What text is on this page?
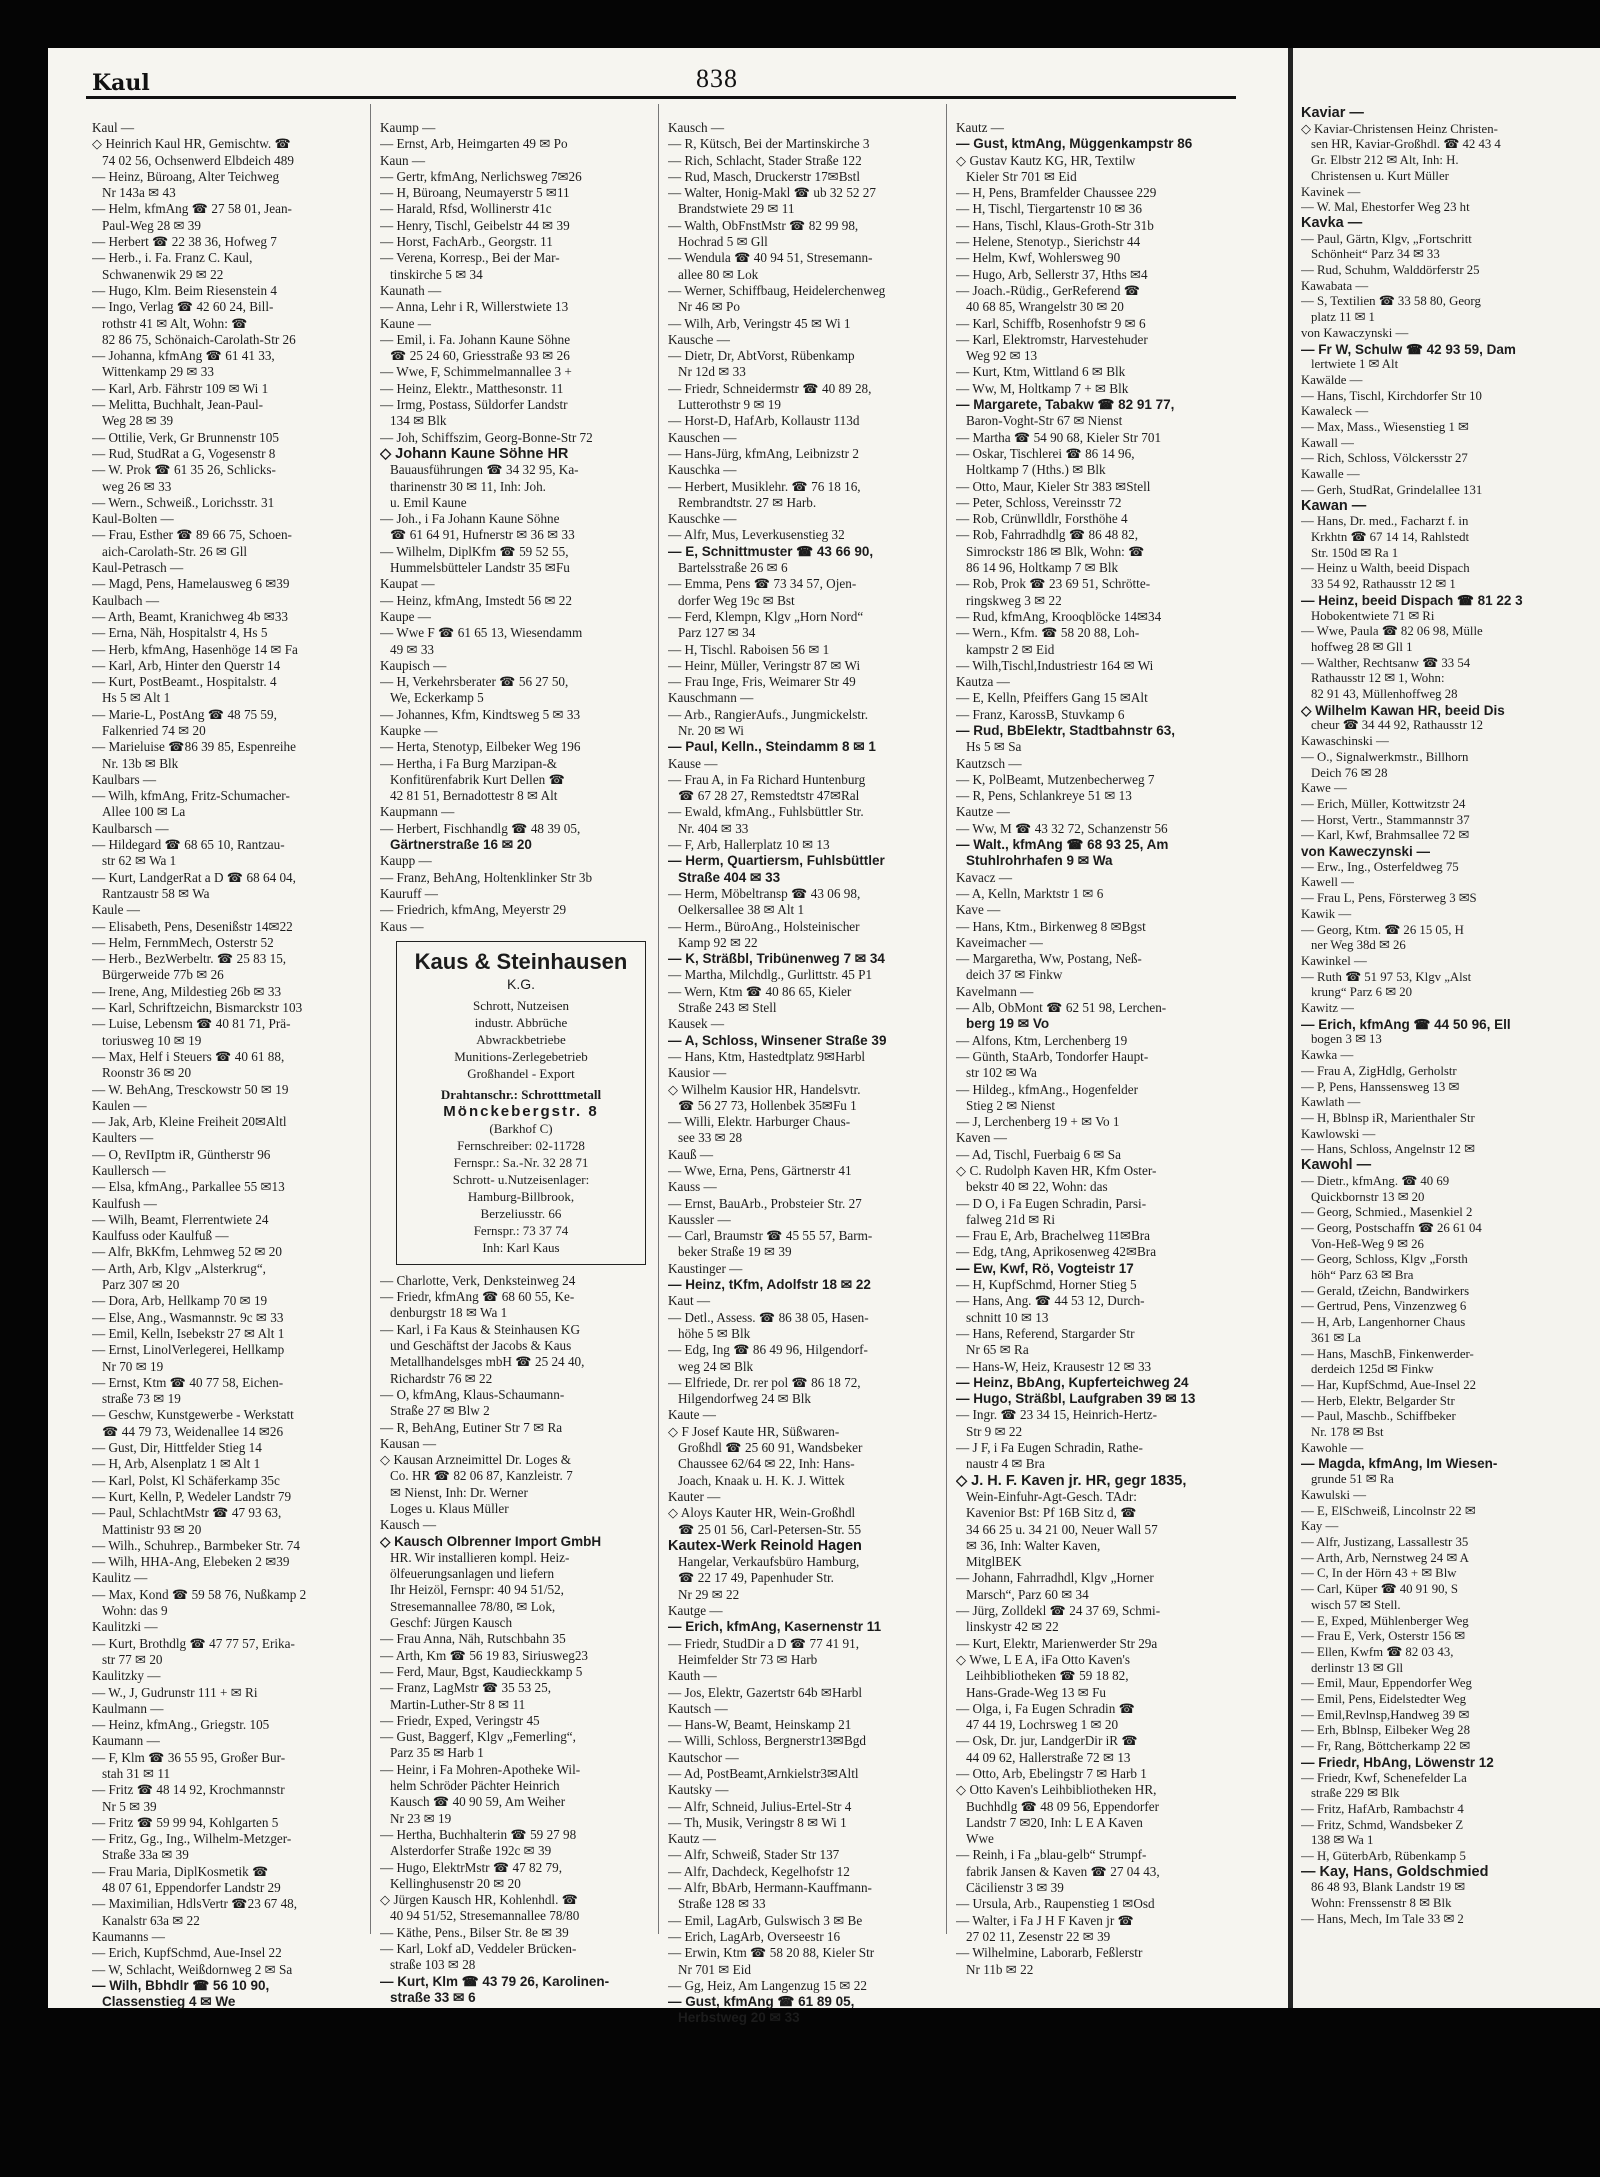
Kaviar —
◇ Kaviar-Christensen Heinz Christen-
sen HR, Kaviar-Großhdl. ☎ 42 43 4
Gr. Elbstr 212 ✉ Alt, Inh: H.
Christensen u. Kurt Müller
Kavinek —
— W. Mal, Ehestorfer Weg 23 ht
Kavka —
— Paul, Gärtn, Klgv, „Fortschritt
Schönheit“ Parz 34 ✉ 33
— Rud, Schuhm, Walddörferstr 25
Kawabata —
— S, Textilien ☎ 33 58 80, Georg
platz 11 ✉ 1
von Kawaczynski —
— Fr W, Schulw ☎ 42 93 59, Dam
lertwiete 1 ✉ Alt
Kawälde —
— Hans, Tischl, Kirchdorfer Str 10
Kawaleck —
— Max, Mass., Wiesenstieg 1 ✉
Kawall —
— Rich, Schloss, Völckersstr 27
Kawalle —
— Gerh, StudRat, Grindelallee 131
Kawan —
— Hans, Dr. med., Facharzt f. in
Krkhtn ☎ 67 14 14, Rahlstedt
Str. 150d ✉ Ra 1
— Heinz u Walth, beeid Dispach
33 54 92, Rathausstr 12 ✉ 1
— Heinz, beeid Dispach ☎ 81 22 3
Hobokentwiete 71 ✉ Ri
— Wwe, Paula ☎ 82 06 98, Mülle
hoffweg 28 ✉ Gll 1
— Walther, Rechtsanw ☎ 33 54
Rathausstr 12 ✉ 1, Wohn:
82 91 43, Müllenhoffweg 28
◇ Wilhelm Kawan HR, beeid Dis
cheur ☎ 34 44 92, Rathausstr 12
Kawaschinski —
— O., Signalwerkmstr., Billhorn
Deich 76 ✉ 28
Kawe —
— Erich, Müller, Kottwitzstr 24
— Horst, Vertr., Stammannstr 37
— Karl, Kwf, Brahmsallee 72 ✉
von Kaweczynski —
— Erw., Ing., Osterfeldweg 75
Kawell —
— Frau L, Pens, Försterweg 3 ✉S
Kawik —
— Georg, Ktm. ☎ 26 15 05, H
ner Weg 38d ✉ 26
Kawinkel —
— Ruth ☎ 51 97 53, Klgv „Alst
krung“ Parz 6 ✉ 20
Kawitz —
— Erich, kfmAng ☎ 44 50 96, Ell
bogen 3 ✉ 13
Kawka —
— Frau A, ZigHdlg, Gerholstr
— P, Pens, Hanssensweg 13 ✉
Kawlath —
— H, Bblnsp iR, Marienthaler Str
Kawlowski —
— Hans, Schloss, Angelnstr 12 ✉
Kawohl —
— Dietr., kfmAng. ☎ 40 69
Quickbornstr 13 ✉ 20
— Georg, Schmied., Masenkiel 2
— Georg, Postschaffn ☎ 26 61 04
Von-Heß-Weg 9 ✉ 26
— Georg, Schloss, Klgv „Forsth
höh“ Parz 63 ✉ Bra
— Gerald, tZeichn, Bandwirkers
— Gertrud, Pens, Vinzenzweg 6
— H, Arb, Langenhorner Chaus
361 ✉ La
— Hans, MaschB, Finkenwerder-
derdeich 125d ✉ Finkw
— Har, KupfSchmd, Aue-Insel 22
— Herb, Elektr, Belgarder Str
— Paul, Maschb., Schiffbeker
Nr. 178 ✉ Bst
Kawohle —
— Magda, kfmAng, Im Wiesen-
grunde 51 ✉ Ra
Kawulski —
— E, ElSchweiß, Lincolnstr 22 ✉
Kay —
— Alfr, Justizang, Lassallestr 35
— Arth, Arb, Nernstweg 24 ✉ A
— C, In der Hörn 43 + ✉ Blw
— Carl, Küper ☎ 40 91 90, S
wisch 57 ✉ Stell.
— E, Exped, Mühlenberger Weg
— Frau E, Verk, Osterstr 156 ✉
— Ellen, Kwfm ☎ 82 03 43,
derlinstr 13 ✉ Gll
— Emil, Maur, Eppendorfer Weg
— Emil, Pens, Eidelstedter Weg
— Emil,Revlnsp,Handweg 39 ✉
— Erh, Bblnsp, Eilbeker Weg 28
— Fr, Rang, Böttcherkamp 22 ✉
— Friedr, HbAng, Löwenstr 12
— Friedr, Kwf, Schenefelder La
straße 229 ✉ Blk
— Fritz, HafArb, Rambachstr 4
— Fritz, Schmd, Wandsbeker Z
138 ✉ Wa 1
— H, GüterbArb, Rübenkamp 5
— Kay, Hans, Goldschmied
86 48 93, Blank Landstr 19 ✉
Wohn: Frenssenstr 8 ✉ Blk
— Hans, Mech, Im Tale 33 ✉ 2
Kaul	838
Kaul —
◇ Heinrich Kaul HR, Gemischtw. ☎
74 02 56, Ochsenwerd Elbdeich 489
— Heinz, Büroang, Alter Teichweg
Nr 143a ✉ 43
— Helm, kfmAng ☎ 27 58 01, Jean-
Paul-Weg 28 ✉ 39
— Herbert ☎ 22 38 36, Hofweg 7
— Herb., i. Fa. Franz C. Kaul,
Schwanenwik 29 ✉ 22
— Hugo, Klm. Beim Riesenstein 4
— Ingo, Verlag ☎ 42 60 24, Bill-
rothstr 41 ✉ Alt, Wohn: ☎
82 86 75, Schönaich-Carolath-Str 26
— Johanna, kfmAng ☎ 61 41 33,
Wittenkamp 29 ✉ 33
— Karl, Arb. Fährstr 109 ✉ Wi 1
— Melitta, Buchhalt, Jean-Paul-
Weg 28 ✉ 39
— Ottilie, Verk, Gr Brunnenstr 105
— Rud, StudRat a G, Vogesenstr 8
— W. Prok ☎ 61 35 26, Schlicks-
weg 26 ✉ 33
— Wern., Schweiß., Lorichsstr. 31
Kaul-Bolten —
— Frau, Esther ☎ 89 66 75, Schoen-
aich-Carolath-Str. 26 ✉ Gll
Kaul-Petrasch —
— Magd, Pens, Hamelausweg 6 ✉39
Kaulbach —
— Arth, Beamt, Kranichweg 4b ✉33
— Erna, Näh, Hospitalstr 4, Hs 5
— Herb, kfmAng, Hasenhöge 14 ✉ Fa
— Karl, Arb, Hinter den Querstr 14
— Kurt, PostBeamt., Hospitalstr. 4
Hs 5 ✉ Alt 1
— Marie-L, PostAng ☎ 48 75 59,
Falkenried 74 ✉ 20
— Marieluise ☎86 39 85, Espenreihe
Nr. 13b ✉ Blk
Kaulbars —
— Wilh, kfmAng, Fritz-Schumacher-
Allee 100 ✉ La
Kaulbarsch —
— Hildegard ☎ 68 65 10, Rantzau-
str 62 ✉ Wa 1
— Kurt, LandgerRat a D ☎ 68 64 04,
Rantzaustr 58 ✉ Wa
Kaule —
— Elisabeth, Pens, Desenißstr 14✉22
— Helm, FernmMech, Osterstr 52
— Herb., BezWerbeltr. ☎ 25 83 15,
Bürgerweide 77b ✉ 26
— Irene, Ang, Mildestieg 26b ✉ 33
— Karl, Schriftzeichn, Bismarckstr 103
— Luise, Lebensm ☎ 40 81 71, Prä-
toriusweg 10 ✉ 19
— Max, Helf i Steuers ☎ 40 61 88,
Roonstr 36 ✉ 20
— W. BehAng, Tresckowstr 50 ✉ 19
Kaulen —
— Jak, Arb, Kleine Freiheit 20✉Altl
Kaulters —
— O, RevIIptm iR, Güntherstr 96
Kaullersch —
— Elsa, kfmAng., Parkallee 55 ✉13
Kaulfush —
— Wilh, Beamt, Flerrentwiete 24
Kaulfuss oder Kaulfuß —
— Alfr, BkKfm, Lehmweg 52 ✉ 20
— Arth, Arb, Klgv „Alsterkrug“,
Parz 307 ✉ 20
— Dora, Arb, Hellkamp 70 ✉ 19
— Else, Ang., Wasmannstr. 9c ✉ 33
— Emil, Kelln, Isebekstr 27 ✉ Alt 1
— Ernst, LinolVerlegerei, Hellkamp
Nr 70 ✉ 19
— Ernst, Ktm ☎ 40 77 58, Eichen-
straße 73 ✉ 19
— Geschw, Kunstgewerbe - Werkstatt
☎ 44 79 73, Weidenallee 14 ✉26
— Gust, Dir, Hittfelder Stieg 14
— H, Arb, Alsenplatz 1 ✉ Alt 1
— Karl, Polst, Kl Schäferkamp 35c
— Kurt, Kelln, P, Wedeler Landstr 79
— Paul, SchlachtMstr ☎ 47 93 63,
Mattinistr 93 ✉ 20
— Wilh., Schuhrep., Barmbeker Str. 74
— Wilh, HHA-Ang, Elebeken 2 ✉39
Kaulitz —
— Max, Kond ☎ 59 58 76, Nußkamp 2
Wohn: das 9
Kaulitzki —
— Kurt, Brothdlg ☎ 47 77 57, Erika-
str 77 ✉ 20
Kaulitzky —
— W., J, Gudrunstr 111 + ✉ Ri
Kaulmann —
— Heinz, kfmAng., Griegstr. 105
Kaumann —
— F, Klm ☎ 36 55 95, Großer Bur-
stah 31 ✉ 11
— Fritz ☎ 48 14 92, Krochmannstr
Nr 5 ✉ 39
— Fritz ☎ 59 99 94, Kohlgarten 5
— Fritz, Gg., Ing., Wilhelm-Metzger-
Straße 33a ✉ 39
— Frau Maria, DiplKosmetik ☎
48 07 61, Eppendorfer Landstr 29
— Maximilian, HdlsVertr ☎23 67 48,
Kanalstr 63a ✉ 22
Kaumanns —
— Erich, KupfSchmd, Aue-Insel 22
— W, Schlacht, Weißdornweg 2 ✉ Sa
— Wilh, Bbhdlr ☎ 56 10 90,
Classenstieg 4 ✉ We
Kaump —
— Ernst, Arb, Heimgarten 49 ✉ Po
Kaun —
— Gertr, kfmAng, Nerlichsweg 7✉26
— H, Büroang, Neumayerstr 5 ✉11
— Harald, Rfsd, Wollinerstr 41c
— Henry, Tischl, Geibelstr 44 ✉ 39
— Horst, FachArb., Georgstr. 11
— Verena, Korresp., Bei der Mar-
tinskirche 5 ✉ 34
Kaunath —
— Anna, Lehr i R, Willerstwiete 13
Kaune —
— Emil, i. Fa. Johann Kaune Söhne
☎ 25 24 60, Griesstraße 93 ✉ 26
— Wwe, F, Schimmelmannallee 3 +
— Heinz, Elektr., Matthesonstr. 11
— Irmg, Postass, Süldorfer Landstr
134 ✉ Blk
— Joh, Schiffszim, Georg-Bonne-Str 72
◇ Johann Kaune Söhne HR
Bauausführungen ☎ 34 32 95, Ka-
tharinenstr 30 ✉ 11, Inh: Joh.
u. Emil Kaune
— Joh., i Fa Johann Kaune Söhne
☎ 61 64 91, Hufnerstr ✉ 36 ✉ 33
— Wilhelm, DiplKfm ☎ 59 52 55,
Hummelsbütteler Landstr 35 ✉Fu
Kaupat —
— Heinz, kfmAng, Imstedt 56 ✉ 22
Kaupe —
— Wwe F ☎ 61 65 13, Wiesendamm
49 ✉ 33
Kaupisch —
— H, Verkehrsberater ☎ 56 27 50,
We, Eckerkamp 5
— Johannes, Kfm, Kindtsweg 5 ✉ 33
Kaupke —
— Herta, Stenotyp, Eilbeker Weg 196
— Hertha, i Fa Burg Marzipan-&
Konfitürenfabrik Kurt Dellen ☎
42 81 51, Bernadottestr 8 ✉ Alt
Kaupmann —
— Herbert, Fischhandlg ☎ 48 39 05,
Gärtnerstraße 16 ✉ 20
Kaupp —
— Franz, BehAng, Holtenklinker Str 3b
Kauruff —
— Friedrich, kfmAng, Meyerstr 29
Kaus —
Kaus & Steinhausen
K.G.
Schrott, Nutzeisen
industr. Abbrüche
Abwrackbetriebe
Munitions-Zerlegebetrieb
Großhandel - Export
Drahtanschr.: Schrotttmetall
Mönckebergstr. 8
(Barkhof C)
Fernschreiber: 02-11728
Fernspr.: Sa.-Nr. 32 28 71
Schrott- u.Nutzeisenlager:
Hamburg-Billbrook,
Berzeliusstr. 66
Fernspr.: 73 37 74
Inh: Karl Kaus
— Charlotte, Verk, Denksteinweg 24
— Friedr, kfmAng ☎ 68 60 55, Ke-
denburgstr 18 ✉ Wa 1
— Karl, i Fa Kaus & Steinhausen KG
und Geschäftst der Jacobs & Kaus
Metallhandelsges mbH ☎ 25 24 40,
Richardstr 76 ✉ 22
— O, kfmAng, Klaus-Schaumann-
Straße 27 ✉ Blw 2
— R, BehAng, Eutiner Str 7 ✉ Ra
Kausan —
◇ Kausan Arzneimittel Dr. Loges &
Co. HR ☎ 82 06 87, Kanzleistr. 7
✉ Nienst, Inh: Dr. Werner
Loges u. Klaus Müller
Kausch —
◇ Kausch Olbrenner Import GmbH
HR. Wir installieren kompl. Heiz-
ölfeuerungsanlagen und liefern
Ihr Heizöl, Fernspr: 40 94 51/52,
Stresemannallee 78/80, ✉ Lok,
Geschf: Jürgen Kausch
— Frau Anna, Näh, Rutschbahn 35
— Arth, Km ☎ 56 19 83, Siriusweg23
— Ferd, Maur, Bgst, Kaudieckkamp 5
— Franz, LagMstr ☎ 35 53 25,
Martin-Luther-Str 8 ✉ 11
— Friedr, Exped, Veringstr 45
— Gust, Baggerf, Klgv „Femerling“,
Parz 35 ✉ Harb 1
— Heinr, i Fa Mohren-Apotheke Wil-
helm Schröder Pächter Heinrich
Kausch ☎ 40 90 59, Am Weiher
Nr 23 ✉ 19
— Hertha, Buchhalterin ☎ 59 27 98
Alsterdorfer Straße 192c ✉ 39
— Hugo, ElektrMstr ☎ 47 82 79,
Kellinghusenstr 20 ✉ 20
◇ Jürgen Kausch HR, Kohlenhdl. ☎
40 94 51/52, Stresemannallee 78/80
— Käthe, Pens., Bilser Str. 8e ✉ 39
— Karl, Lokf aD, Veddeler Brücken-
straße 103 ✉ 28
— Kurt, Klm ☎ 43 79 26, Karolinen-
straße 33 ✉ 6
Kausch —
— R, Kütsch, Bei der Martinskirche 3
— Rich, Schlacht, Stader Straße 122
— Rud, Masch, Druckerstr 17✉Bstl
— Walter, Honig-Makl ☎ ub 32 52 27
Brandstwiete 29 ✉ 11
— Walth, ObFnstMstr ☎ 82 99 98,
Hochrad 5 ✉ Gll
— Wendula ☎ 40 94 51, Stresemann-
allee 80 ✉ Lok
— Werner, Schiffbaug, Heidelerchenweg
Nr 46 ✉ Po
— Wilh, Arb, Veringstr 45 ✉ Wi 1
Kausche —
— Dietr, Dr, AbtVorst, Rübenkamp
Nr 12d ✉ 33
— Friedr, Schneidermstr ☎ 40 89 28,
Lutterothstr 9 ✉ 19
— Horst-D, HafArb, Kollaustr 113d
Kauschen —
— Hans-Jürg, kfmAng, Leibnizstr 2
Kauschka —
— Herbert, Musiklehr. ☎ 76 18 16,
Rembrandtstr. 27 ✉ Harb.
Kauschke —
— Alfr, Mus, Leverkusenstieg 32
— E, Schnittmuster ☎ 43 66 90,
Bartelsstraße 26 ✉ 6
— Emma, Pens ☎ 73 34 57, Ojen-
dorfer Weg 19c ✉ Bst
— Ferd, Klempn, Klgv „Horn Nord“
Parz 127 ✉ 34
— H, Tischl. Raboisen 56 ✉ 1
— Heinr, Müller, Veringstr 87 ✉ Wi
— Frau Inge, Fris, Weimarer Str 49
Kauschmann —
— Arb., RangierAufs., Jungmickelstr.
Nr. 20 ✉ Wi
— Paul, Kelln., Steindamm 8 ✉ 1
Kause —
— Frau A, in Fa Richard Huntenburg
☎ 67 28 27, Remstedtstr 47✉Ral
— Ewald, kfmAng., Fuhlsbüttler Str.
Nr. 404 ✉ 33
— F, Arb, Hallerplatz 10 ✉ 13
— Herm, Quartiersm, Fuhlsbüttler
Straße 404 ✉ 33
— Herm, Möbeltransp ☎ 43 06 98,
Oelkersallee 38 ✉ Alt 1
— Herm., BüroAng., Holsteinischer
Kamp 92 ✉ 22
— K, Sträßbl, Tribünenweg 7 ✉ 34
— Martha, Milchdlg., Gurlittstr. 45 P1
— Wern, Ktm ☎ 40 86 65, Kieler
Straße 243 ✉ Stell
Kausek —
— A, Schloss, Winsener Straße 39
— Hans, Ktm, Hastedtplatz 9✉Harbl
Kausior —
◇ Wilhelm Kausior HR, Handelsvtr.
☎ 56 27 73, Hollenbek 35✉Fu 1
— Willi, Elektr. Harburger Chaus-
see 33 ✉ 28
Kauß —
— Wwe, Erna, Pens, Gärtnerstr 41
Kauss —
— Ernst, BauArb., Probsteier Str. 27
Kaussler —
— Carl, Braumstr ☎ 45 55 57, Barm-
beker Straße 19 ✉ 39
Kaustinger —
— Heinz, tKfm, Adolfstr 18 ✉ 22
Kaut —
— Detl., Assess. ☎ 86 38 05, Hasen-
höhe 5 ✉ Blk
— Edg, Ing ☎ 86 49 96, Hilgendorf-
weg 24 ✉ Blk
— Elfriede, Dr. rer pol ☎ 86 18 72,
Hilgendorfweg 24 ✉ Blk
Kaute —
◇ F Josef Kaute HR, Süßwaren-
Großhdl ☎ 25 60 91, Wandsbeker
Chaussee 62/64 ✉ 22, Inh: Hans-
Joach, Knaak u. H. K. J. Wittek
Kauter —
◇ Aloys Kauter HR, Wein-Großhdl
☎ 25 01 56, Carl-Petersen-Str. 55
Kautex-Werk Reinold Hagen
Hangelar, Verkaufsbüro Hamburg,
☎ 22 17 49, Papenhuder Str.
Nr 29 ✉ 22
Kautge —
— Erich, kfmAng, Kasernenstr 11
— Friedr, StudDir a D ☎ 77 41 91,
Heimfelder Str 73 ✉ Harb
Kauth —
— Jos, Elektr, Gazertstr 64b ✉Harbl
Kautsch —
— Hans-W, Beamt, Heinskamp 21
— Willi, Schloss, Bergnerstr13✉Bgd
Kautschor —
— Ad, PostBeamt,Arnkielstr3✉Altl
Kautsky —
— Alfr, Schneid, Julius-Ertel-Str 4
— Th, Musik, Veringstr 8 ✉ Wi 1
Kautz —
— Alfr, Schweiß, Stader Str 137
— Alfr, Dachdeck, Kegelhofstr 12
— Alfr, BbArb, Hermann-Kauffmann-
Straße 128 ✉ 33
— Emil, LagArb, Gulswisch 3 ✉ Be
— Erich, LagArb, Overseestr 16
— Erwin, Ktm ☎ 58 20 88, Kieler Str
Nr 701 ✉ Eid
— Gg, Heiz, Am Langenzug 15 ✉ 22
— Gust, kfmAng ☎ 61 89 05,
Herbstweg 20 ✉ 33
Kautz —
— Gust, ktmAng, Müggenkampstr 86
◇ Gustav Kautz KG, HR, Textilw
Kieler Str 701 ✉ Eid
— H, Pens, Bramfelder Chaussee 229
— H, Tischl, Tiergartenstr 10 ✉ 36
— Hans, Tischl, Klaus-Groth-Str 31b
— Helene, Stenotyp., Sierichstr 44
— Helm, Kwf, Wohlersweg 90
— Hugo, Arb, Sellerstr 37, Hths ✉4
— Joach.-Rüdig., GerReferend ☎
40 68 85, Wrangelstr 30 ✉ 20
— Karl, Schiffb, Rosenhofstr 9 ✉ 6
— Karl, Elektromstr, Harvestehuder
Weg 92 ✉ 13
— Kurt, Ktm, Wittland 6 ✉ Blk
— Ww, M, Holtkamp 7 + ✉ Blk
— Margarete, Tabakw ☎ 82 91 77,
Baron-Voght-Str 67 ✉ Nienst
— Martha ☎ 54 90 68, Kieler Str 701
— Oskar, Tischlerei ☎ 86 14 96,
Holtkamp 7 (Hths.) ✉ Blk
— Otto, Maur, Kieler Str 383 ✉Stell
— Peter, Schloss, Vereinsstr 72
— Rob, Crünwlldlr, Forsthöhe 4
— Rob, Fahrradhdlg ☎ 86 48 82,
Simrockstr 186 ✉ Blk, Wohn: ☎
86 14 96, Holtkamp 7 ✉ Blk
— Rob, Prok ☎ 23 69 51, Schrötte-
ringskweg 3 ✉ 22
— Rud, kfmAng, Krooqblöcke 14✉34
— Wern., Kfm. ☎ 58 20 88, Loh-
kampstr 2 ✉ Eid
— Wilh,Tischl,Industriestr 164 ✉ Wi
Kautza —
— E, Kelln, Pfeiffers Gang 15 ✉Alt
— Franz, KarossB, Stuvkamp 6
— Rud, BbElektr, Stadtbahnstr 63,
Hs 5 ✉ Sa
Kautzsch —
— K, PolBeamt, Mutzenbecherweg 7
— R, Pens, Schlankreye 51 ✉ 13
Kautze —
— Ww, M ☎ 43 32 72, Schanzenstr 56
— Walt., kfmAng ☎ 68 93 25, Am
Stuhlrohrhafen 9 ✉ Wa
Kavacz —
— A, Kelln, Marktstr 1 ✉ 6
Kave —
— Hans, Ktm., Birkenweg 8 ✉Bgst
Kaveimacher —
— Margaretha, Ww, Postang, Neß-
deich 37 ✉ Finkw
Kavelmann —
— Alb, ObMont ☎ 62 51 98, Lerchen-
berg 19 ✉ Vo
— Alfons, Ktm, Lerchenberg 19
— Günth, StaArb, Tondorfer Haupt-
str 102 ✉ Wa
— Hildeg., kfmAng., Hogenfelder
Stieg 2 ✉ Nienst
— J, Lerchenberg 19 + ✉ Vo 1
Kaven —
— Ad, Tischl, Fuerbaig 6 ✉ Sa
◇ C. Rudolph Kaven HR, Kfm Oster-
bekstr 40 ✉ 22, Wohn: das
— D O, i Fa Eugen Schradin, Parsi-
falweg 21d ✉ Ri
— Frau E, Arb, Brachelweg 11✉Bra
— Edg, tAng, Aprikosenweg 42✉Bra
— Ew, Kwf, Rö, Vogteistr 17
— H, KupfSchmd, Horner Stieg 5
— Hans, Ang. ☎ 44 53 12, Durch-
schnitt 10 ✉ 13
— Hans, Referend, Stargarder Str
Nr 65 ✉ Ra
— Hans-W, Heiz, Krausestr 12 ✉ 33
— Heinz, BbAng, Kupferteichweg 24
— Hugo, Sträßbl, Laufgraben 39 ✉ 13
— Ingr. ☎ 23 34 15, Heinrich-Hertz-
Str 9 ✉ 22
— J F, i Fa Eugen Schradin, Rathe-
naustr 4 ✉ Bra
◇ J. H. F. Kaven jr. HR, gegr 1835,
Wein-Einfuhr-Agt-Gesch. TAdr:
Kavenior Bst: Pf 16B Sitz d, ☎
34 66 25 u. 34 21 00, Neuer Wall 57
✉ 36, Inh: Walter Kaven,
MitglBEK
— Johann, Fahrradhdl, Klgv „Horner
Marsch“, Parz 60 ✉ 34
— Jürg, Zolldekl ☎ 24 37 69, Schmi-
linskystr 42 ✉ 22
— Kurt, Elektr, Marienwerder Str 29a
◇ Wwe, L E A, iFa Otto Kaven's
Leihbibliotheken ☎ 59 18 82,
Hans-Grade-Weg 13 ✉ Fu
— Olga, i, Fa Eugen Schradin ☎
47 44 19, Lochrsweg 1 ✉ 20
— Osk, Dr. jur, LandgerDir iR ☎
44 09 62, Hallerstraße 72 ✉ 13
— Otto, Arb, Ebelingstr 7 ✉ Harb 1
◇ Otto Kaven's Leihbibliotheken HR,
Buchhdlg ☎ 48 09 56, Eppendorfer
Landstr 7 ✉20, Inh: L E A Kaven
Wwe
— Reinh, i Fa „blau-gelb“ Strumpf-
fabrik Jansen & Kaven ☎ 27 04 43,
Cäcilienstr 3 ✉ 39
— Ursula, Arb., Raupenstieg 1 ✉Osd
— Walter, i Fa J H F Kaven jr ☎
27 02 11, Zesenstr 22 ✉ 39
— Wilhelmine, Laborarb, Feßlerstr
Nr 11b ✉ 22
